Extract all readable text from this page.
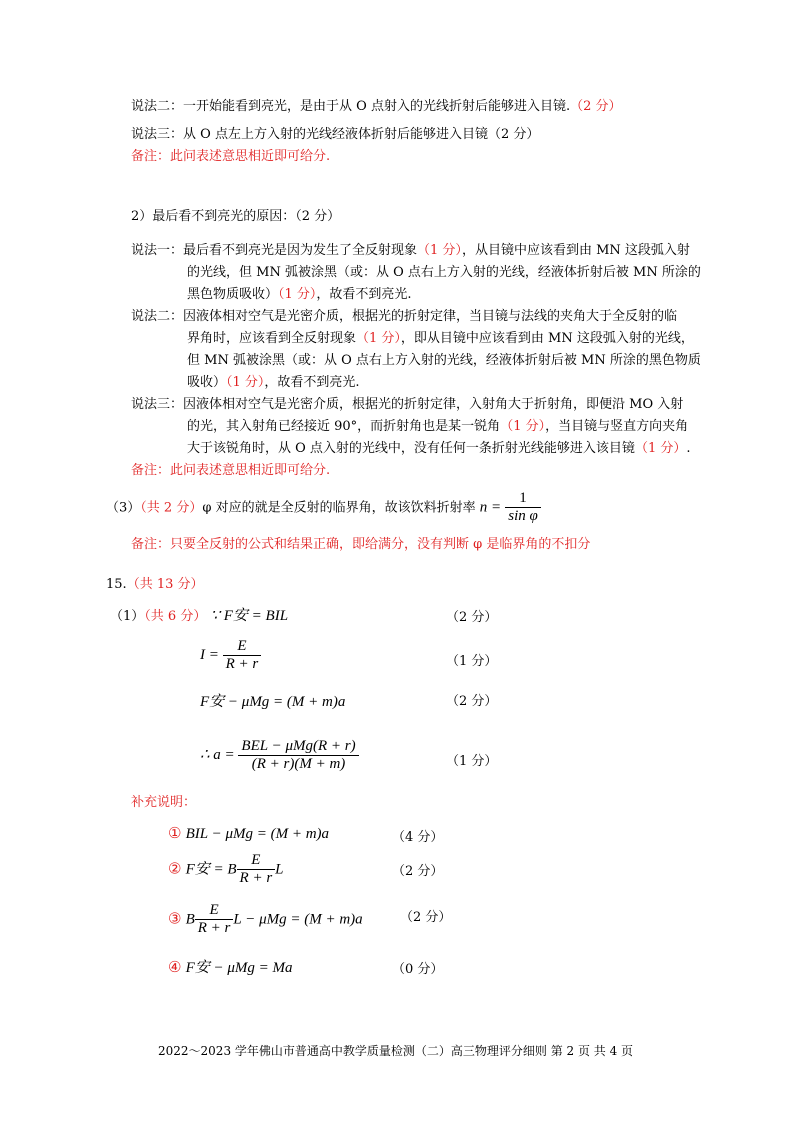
说法二：一开始能看到亮光，是由于从 O 点射入的光线折射后能够进入目镜.（2 分）
说法三：从 O 点左上方入射的光线经液体折射后能够进入目镜（2 分）
备注：此问表述意思相近即可给分.
2）最后看不到亮光的原因：（2 分）
说法一：最后看不到亮光是因为发生了全反射现象（1 分），从目镜中应该看到由 MN 这段弧入射
的光线，但 MN 弧被涂黑（或：从 O 点右上方入射的光线，经液体折射后被 MN 所涂的
黑色物质吸收）（1 分），故看不到亮光.
说法二：因液体相对空气是光密介质，根据光的折射定律，当目镜与法线的夹角大于全反射的临
界角时，应该看到全反射现象（1 分），即从目镜中应该看到由 MN 这段弧入射的光线，
但 MN 弧被涂黑（或：从 O 点右上方入射的光线，经液体折射后被 MN 所涂的黑色物质
吸收）（1 分），故看不到亮光.
说法三：因液体相对空气是光密介质，根据光的折射定律，入射角大于折射角，即便沿 MO 入射
的光，其入射角已经接近 90°，而折射角也是某一锐角（1 分），当目镜与竖直方向夹角
大于该锐角时，从 O 点入射的光线中，没有任何一条折射光线能够进入该目镜（1 分）.
备注：此问表述意思相近即可给分.
（3）（共 2 分）φ 对应的就是全反射的临界角，故该饮料折射率 $n = \frac{1}{\text{sin φ}}$
备注：只要全反射的公式和结果正确，即给满分，没有判断 φ 是临界角的不扣分
15.（共 13 分）
（1）（共 6 分） ∵ F安 = BIL	（2 分）
$I = \frac{E}{R + r}$	（1 分）
F安 − μMg = (M + m)a	（2 分）
∴ $a = \frac{\text{BEL − μMg(R + r)}}{(R + r)(M + m)}$	（1 分）
补充说明：
① BIL − μMg = (M + m)a	（4 分）
② F安 = B $\frac{E}{R + r}$ L	（2 分）
③ B $\frac{E}{R + r}$ L − μMg = (M + m)a	（2 分）
④ F安 − μMg = Ma	（0 分）
2022～2023 学年佛山市普通高中教学质量检测（二）高三物理评分细则 第 2 页 共 4 页
